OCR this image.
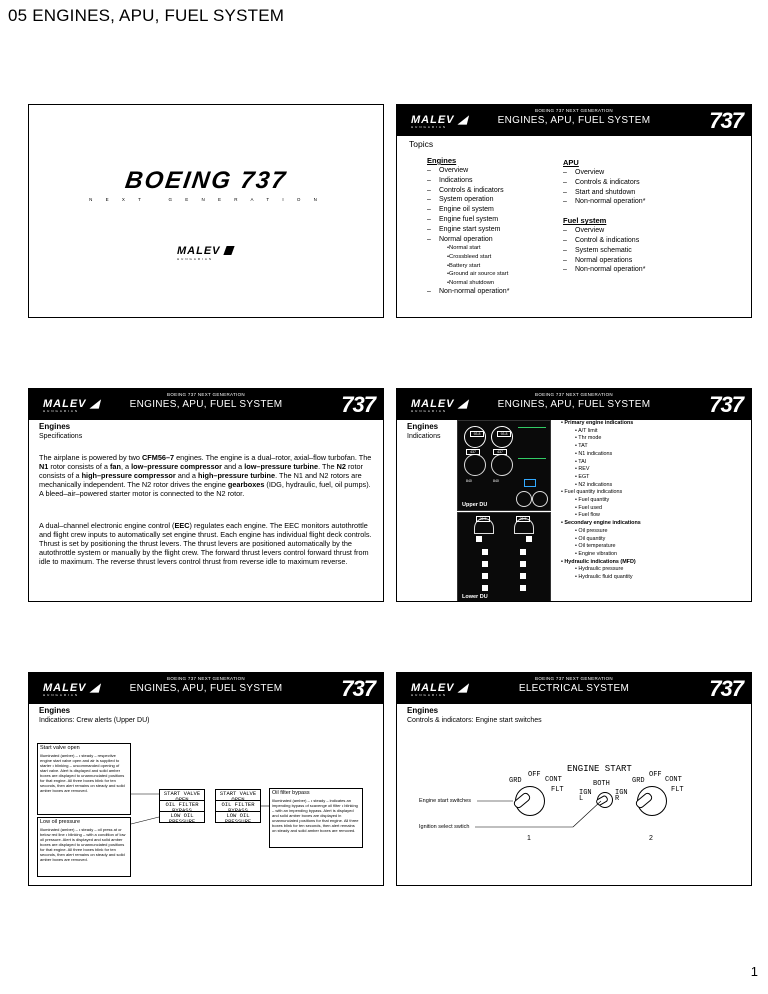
05 ENGINES, APU, FUEL SYSTEM
BOEING 737
N E X T   G E N E R A T I O N
MALEV
HUNGARIAN
MALEV ◢
HUNGARIAN
BOEING 737 NEXT GENERATION
ENGINES, APU, FUEL SYSTEM	737
Topics
Engines
– Overview
– Indications
– Controls & indicators
– System operation
– Engine oil system
– Engine fuel system
– Engine start system
– Normal operation
• Normal start
• Crossbleed start
• Battery start
• Ground air source start
• Normal shutdown
– Non-normal operation*
APU
– Overview
– Controls & indicators
– Start and shutdown
– Non-normal operation*
Fuel system
– Overview
– Control & indications
– System schematic
– Normal operations
– Non-normal operation*
MALEV ◢
HUNGARIAN
BOEING 737 NEXT GENERATION
ENGINES, APU, FUEL SYSTEM	737
Engines
Specifications
The airplane is powered by two CFM56–7 engines. The engine is a dual–rotor, axial–flow turbofan. The N1 rotor consists of a fan, a low–pressure compressor and a low–pressure turbine. The N2 rotor consists of a high–pressure compressor and a high–pressure turbine. The N1 and N2 rotors are mechanically independent. The N2 rotor drives the engine gearboxes (IDG, hydraulic, fuel, oil pumps). A bleed–air–powered starter motor is connected to the N2 rotor.
A dual–channel electronic engine control (EEC) regulates each engine. The EEC monitors autothrottle and flight crew inputs to automatically set engine thrust. Each engine has individual flight deck controls. Thrust is set by positioning the thrust levers. The thrust levers are positioned automatically by the autothrottle system or manually by the flight crew. The forward thrust levers control forward thrust from idle to maximum. The reverse thrust levers control thrust from reverse idle to maximum reverse.
MALEV ◢
HUNGARIAN
BOEING 737 NEXT GENERATION
ENGINES, APU, FUEL SYSTEM	737
Engines
Indications	93.8	93.8
437	437
840	840
Upper DU
96.5	96.5
Lower DU
• Primary engine indications
• A/T limit
• Thr mode
• TAT
• N1 indications
• TAI
• REV
• EGT
• N2 indications
• Fuel quantity indications
• Fuel quantity
• Fuel used
• Fuel flow
• Secondary engine indications
• Oil pressure
• Oil quantity
• Oil temperature
• Engine vibration
• Hydraulic indications (MFD)
• Hydraulic pressure
• Hydraulic fluid quantity
MALEV ◢
HUNGARIAN
BOEING 737 NEXT GENERATION
ENGINES, APU, FUEL SYSTEM	737
Engines
Indications: Crew alerts (Upper DU)
Start valve open
Illuminated (amber) – • steady – respective engine start valve open and air is supplied to starter • blinking – uncommanded opening of start valve. Alert is displayed and solid amber boxes are displayed to unannunciated positions for that engine. All three boxes blink for ten seconds, then alert remains on steady and solid amber boxes are removed.
Low oil pressure
Illuminated (amber) – • steady – oil press at or below red line • blinking – with a condition of low oil pressure. Alert is displayed and solid amber boxes are displayed to unannunciated positions for that engine. All three boxes blink for ten seconds, then alert remains on steady and solid amber boxes are removed.
Oil filter bypass
Illuminated (amber) – • steady – indicates an impending bypass of scavenge oil filter • blinking – with an impending bypass. Alert is displayed and solid amber boxes are displayed in unannunciated positions for that engine. All three boxes blink for ten seconds, then alert remains on steady and solid amber boxes are removed.
START VALVE OPEN
START VALVE OPEN
OIL FILTER BYPASS
OIL FILTER BYPASS
LOW OIL PRESSURE
LOW OIL PRESSURE
MALEV ◢
HUNGARIAN
BOEING 737 NEXT GENERATION
ELECTRICAL SYSTEM	737
Engines
Controls & indicators: Engine start switches
ENGINE START
GRD
OFF
CONT
FLT
1
BOTH
IGN L
IGN R
GRD
OFF
CONT
FLT
2
Engine start switches
Ignition select swtich
1
